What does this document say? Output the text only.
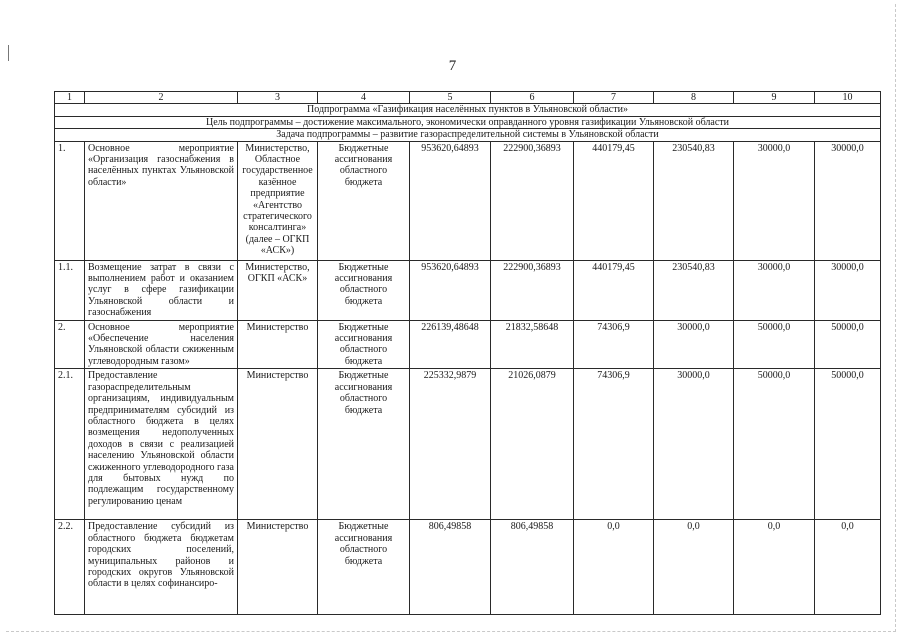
7
1	2	3	4	5	6	7	8	9	10
Подпрограмма «Газификация населённых пунктов в Ульяновской области»									
Цель подпрограммы – достижение максимального, экономически оправданного уровня газификации Ульяновской области									
Задача подпрограммы – развитие газораспределительной системы в Ульяновской области									
1.	Основное мероприятие «Организация газоснабжения в населённых пунктах Ульяновской области»	Министерство, Областное государственное казённое предприятие «Агентство стратегического консалтинга» (далее – ОГКП «АСК»)	Бюджетные ассигнования областного бюджета	953620,64893	222900,36893	440179,45	230540,83	30000,0	30000,0
1.1.	Возмещение затрат в связи с выполнением работ и оказанием услуг в сфере газификации Ульяновской области и газоснабжения	Министерство, ОГКП «АСК»	Бюджетные ассигнования областного бюджета	953620,64893	222900,36893	440179,45	230540,83	30000,0	30000,0
2.	Основное мероприятие «Обеспечение населения Ульяновской области сжиженным углеводородным газом»	Министерство	Бюджетные ассигнования областного бюджета	226139,48648	21832,58648	74306,9	30000,0	50000,0	50000,0
2.1.	Предоставление газораспределительным организациям, индивидуальным предпринимателям субсидий из областного бюджета в целях возмещения недополученных доходов в связи с реализацией населению Ульяновской области сжиженного углеводородного газа для бытовых нужд по подлежащим государственному регулированию ценам	Министерство	Бюджетные ассигнования областного бюджета	225332,9879	21026,0879	74306,9	30000,0	50000,0	50000,0
2.2.	Предоставление субсидий из областного бюджета бюджетам городских поселений, муниципальных районов и городских округов Ульяновской области в целях софинансиро-	Министерство	Бюджетные ассигнования областного бюджета	806,49858	806,49858	0,0	0,0	0,0	0,0
